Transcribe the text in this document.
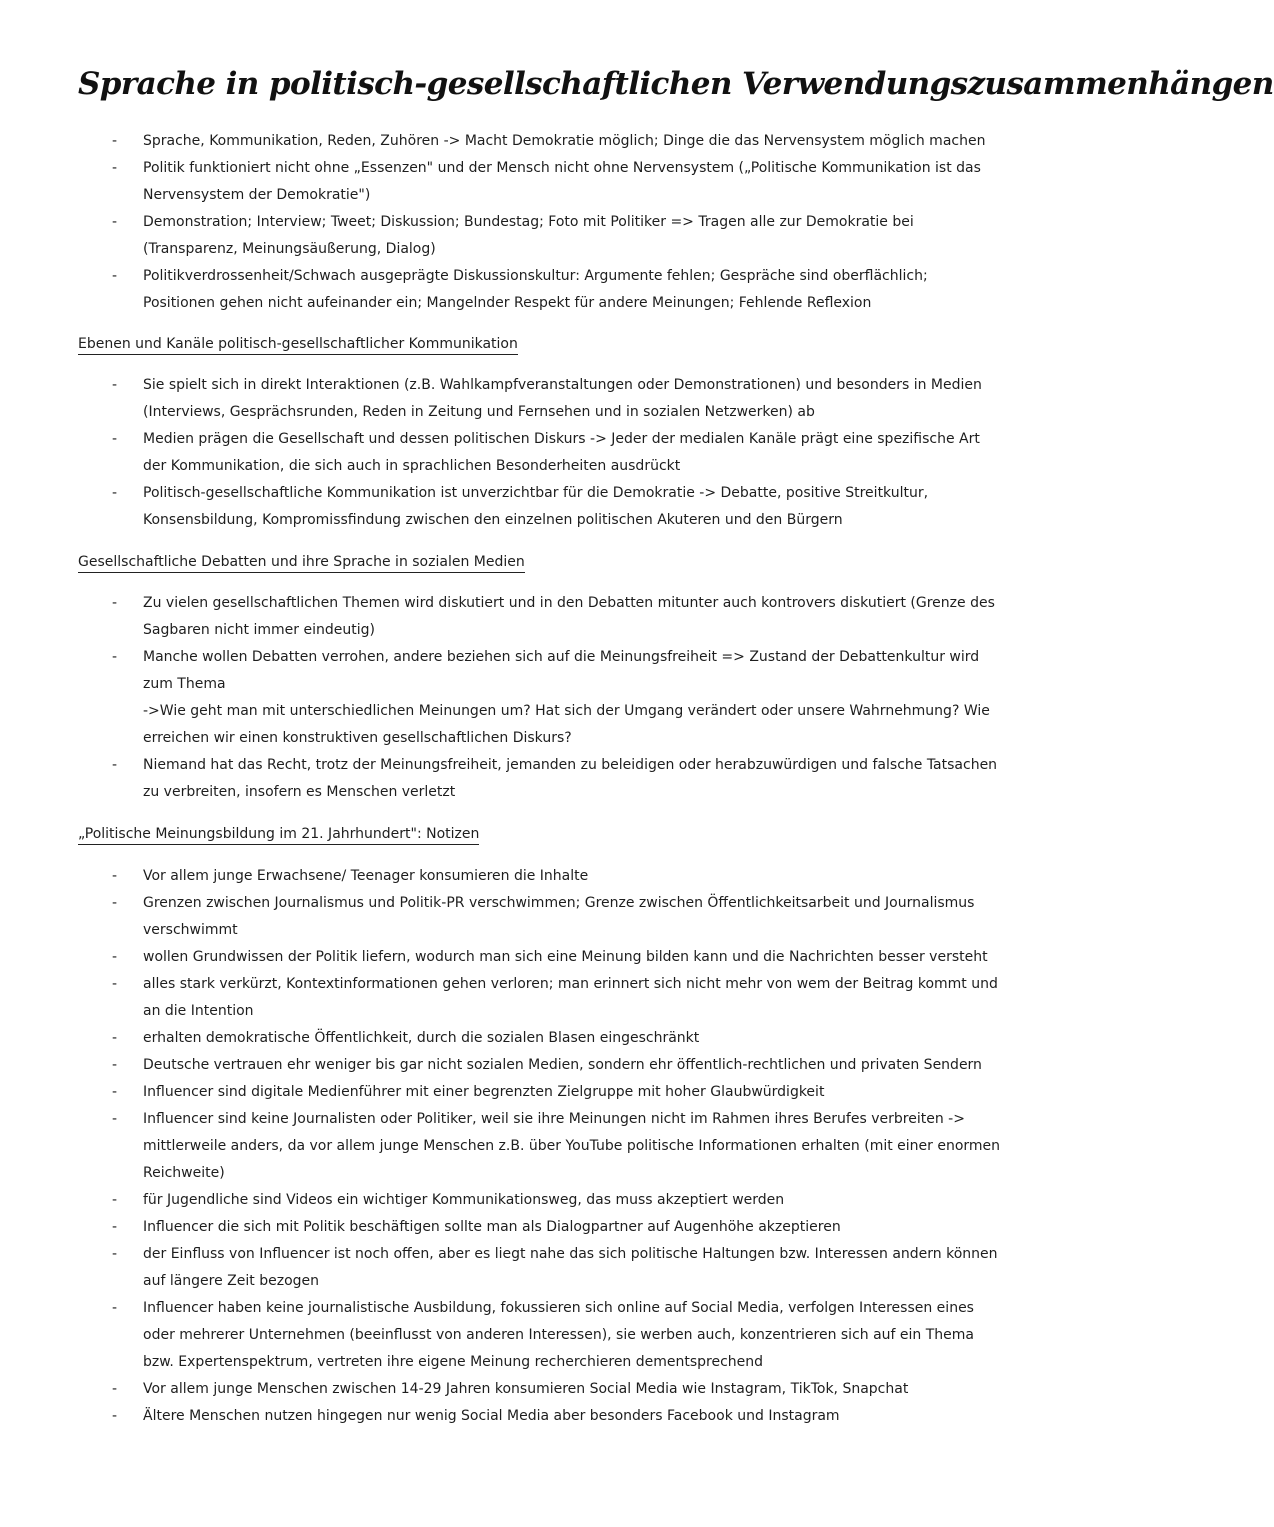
Sprache in politisch-gesellschaftlichen Verwendungszusammenhängen
- Sprache, Kommunikation, Reden, Zuhören -> Macht Demokratie möglich; Dinge die das Nervensystem möglich machen
- Politik funktioniert nicht ohne „Essenzen" und der Mensch nicht ohne Nervensystem („Politische Kommunikation ist das Nervensystem der Demokratie")
- Demonstration; Interview; Tweet; Diskussion; Bundestag; Foto mit Politiker => Tragen alle zur Demokratie bei (Transparenz, Meinungsäußerung, Dialog)
- Politikverdrossenheit/Schwach ausgeprägte Diskussionskultur: Argumente fehlen; Gespräche sind oberflächlich; Positionen gehen nicht aufeinander ein; Mangelnder Respekt für andere Meinungen; Fehlende Reflexion
Ebenen und Kanäle politisch-gesellschaftlicher Kommunikation
- Sie spielt sich in direkt Interaktionen (z.B. Wahlkampfveranstaltungen oder Demonstrationen) und besonders in Medien (Interviews, Gesprächsrunden, Reden in Zeitung und Fernsehen und in sozialen Netzwerken) ab
- Medien prägen die Gesellschaft und dessen politischen Diskurs -> Jeder der medialen Kanäle prägt eine spezifische Art der Kommunikation, die sich auch in sprachlichen Besonderheiten ausdrückt
- Politisch-gesellschaftliche Kommunikation ist unverzichtbar für die Demokratie -> Debatte, positive Streitkultur, Konsensbildung, Kompromissfindung zwischen den einzelnen politischen Akuteren und den Bürgern
Gesellschaftliche Debatten und ihre Sprache in sozialen Medien
- Zu vielen gesellschaftlichen Themen wird diskutiert und in den Debatten mitunter auch kontrovers diskutiert (Grenze des Sagbaren nicht immer eindeutig)
- Manche wollen Debatten verrohen, andere beziehen sich auf die Meinungsfreiheit => Zustand der Debattenkultur wird zum Thema
->Wie geht man mit unterschiedlichen Meinungen um? Hat sich der Umgang verändert oder unsere Wahrnehmung? Wie erreichen wir einen konstruktiven gesellschaftlichen Diskurs?
- Niemand hat das Recht, trotz der Meinungsfreiheit, jemanden zu beleidigen oder herabzuwürdigen und falsche Tatsachen zu verbreiten, insofern es Menschen verletzt
„Politische Meinungsbildung im 21. Jahrhundert": Notizen
- Vor allem junge Erwachsene/ Teenager konsumieren die Inhalte
- Grenzen zwischen Journalismus und Politik-PR verschwimmen; Grenze zwischen Öffentlichkeitsarbeit und Journalismus verschwimmt
- wollen Grundwissen der Politik liefern, wodurch man sich eine Meinung bilden kann und die Nachrichten besser versteht
- alles stark verkürzt, Kontextinformationen gehen verloren; man erinnert sich nicht mehr von wem der Beitrag kommt und an die Intention
- erhalten demokratische Öffentlichkeit, durch die sozialen Blasen eingeschränkt
- Deutsche vertrauen ehr weniger bis gar nicht sozialen Medien, sondern ehr öffentlich-rechtlichen und privaten Sendern
- Influencer sind digitale Medienführer mit einer begrenzten Zielgruppe mit hoher Glaubwürdigkeit
- Influencer sind keine Journalisten oder Politiker, weil sie ihre Meinungen nicht im Rahmen ihres Berufes verbreiten -> mittlerweile anders, da vor allem junge Menschen z.B. über YouTube politische Informationen erhalten (mit einer enormen Reichweite)
- für Jugendliche sind Videos ein wichtiger Kommunikationsweg, das muss akzeptiert werden
- Influencer die sich mit Politik beschäftigen sollte man als Dialogpartner auf Augenhöhe akzeptieren
- der Einfluss von Influencer ist noch offen, aber es liegt nahe das sich politische Haltungen bzw. Interessen andern können auf längere Zeit bezogen
- Influencer haben keine journalistische Ausbildung, fokussieren sich online auf Social Media, verfolgen Interessen eines oder mehrerer Unternehmen (beeinflusst von anderen Interessen), sie werben auch, konzentrieren sich auf ein Thema bzw. Expertenspektrum, vertreten ihre eigene Meinung recherchieren dementsprechend
- Vor allem junge Menschen zwischen 14-29 Jahren konsumieren Social Media wie Instagram, TikTok, Snapchat
- Ältere Menschen nutzen hingegen nur wenig Social Media aber besonders Facebook und Instagram
